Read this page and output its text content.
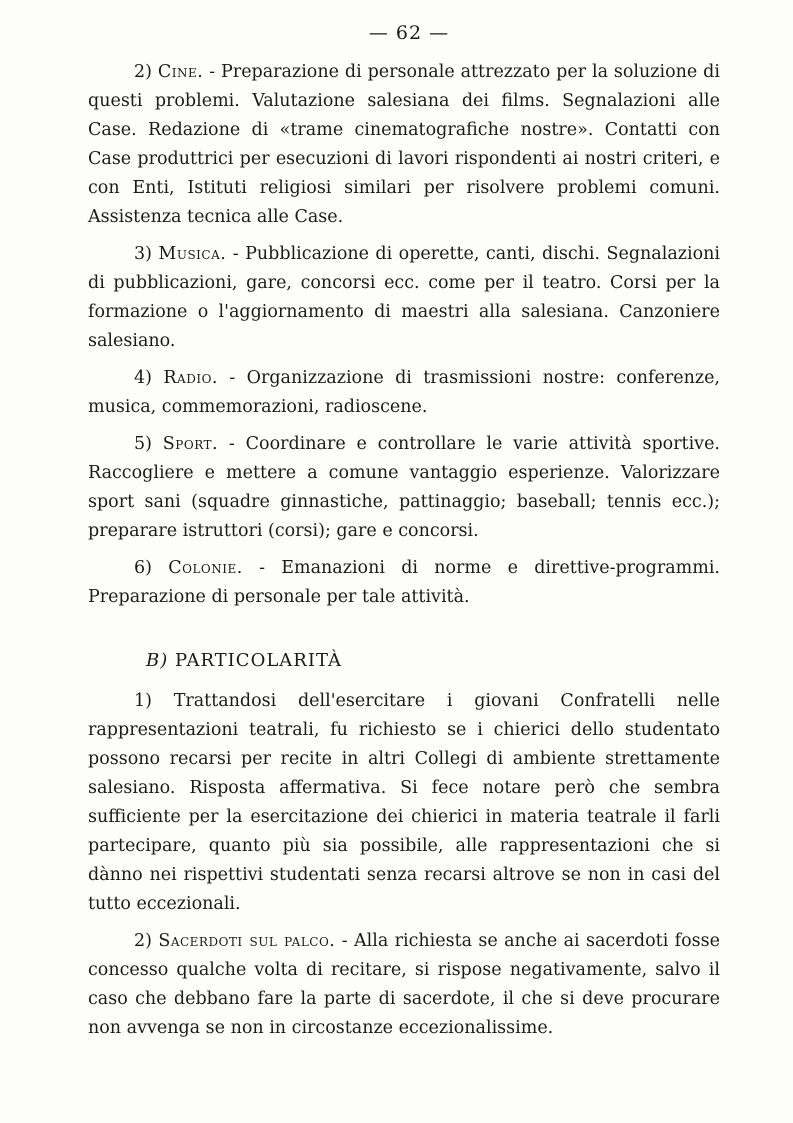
— 62 —

2) Cine. - Preparazione di personale attrezzato per la soluzione di questi problemi. Valutazione salesiana dei films. Segnalazioni alle Case. Redazione di «trame cinematografiche nostre». Contatti con Case produttrici per esecuzioni di lavori rispondenti ai nostri criteri, e con Enti, Istituti religiosi similari per risolvere problemi comuni. Assistenza tecnica alle Case.

3) Musica. - Pubblicazione di operette, canti, dischi. Segnalazioni di pubblicazioni, gare, concorsi ecc. come per il teatro. Corsi per la formazione o l'aggiornamento di maestri alla salesiana. Canzoniere salesiano.

4) Radio. - Organizzazione di trasmissioni nostre: conferenze, musica, commemorazioni, radioscene.

5) Sport. - Coordinare e controllare le varie attività sportive. Raccogliere e mettere a comune vantaggio esperienze. Valorizzare sport sani (squadre ginnastiche, pattinaggio; baseball; tennis ecc.); preparare istruttori (corsi); gare e concorsi.

6) Colonie. - Emanazioni di norme e direttive-programmi. Preparazione di personale per tale attività.

B) PARTICOLARITÀ

1) Trattandosi dell'esercitare i giovani Confratelli nelle rappresentazioni teatrali, fu richiesto se i chierici dello studentato possono recarsi per recite in altri Collegi di ambiente strettamente salesiano. Risposta affermativa. Si fece notare però che sembra sufficiente per la esercitazione dei chierici in materia teatrale il farli partecipare, quanto più sia possibile, alle rappresentazioni che si dànno nei rispettivi studentati senza recarsi altrove se non in casi del tutto eccezionali.

2) Sacerdoti sul palco. - Alla richiesta se anche ai sacerdoti fosse concesso qualche volta di recitare, si rispose negativamente, salvo il caso che debbano fare la parte di sacerdote, il che si deve procurare non avvenga se non in circostanze eccezionalissime.
